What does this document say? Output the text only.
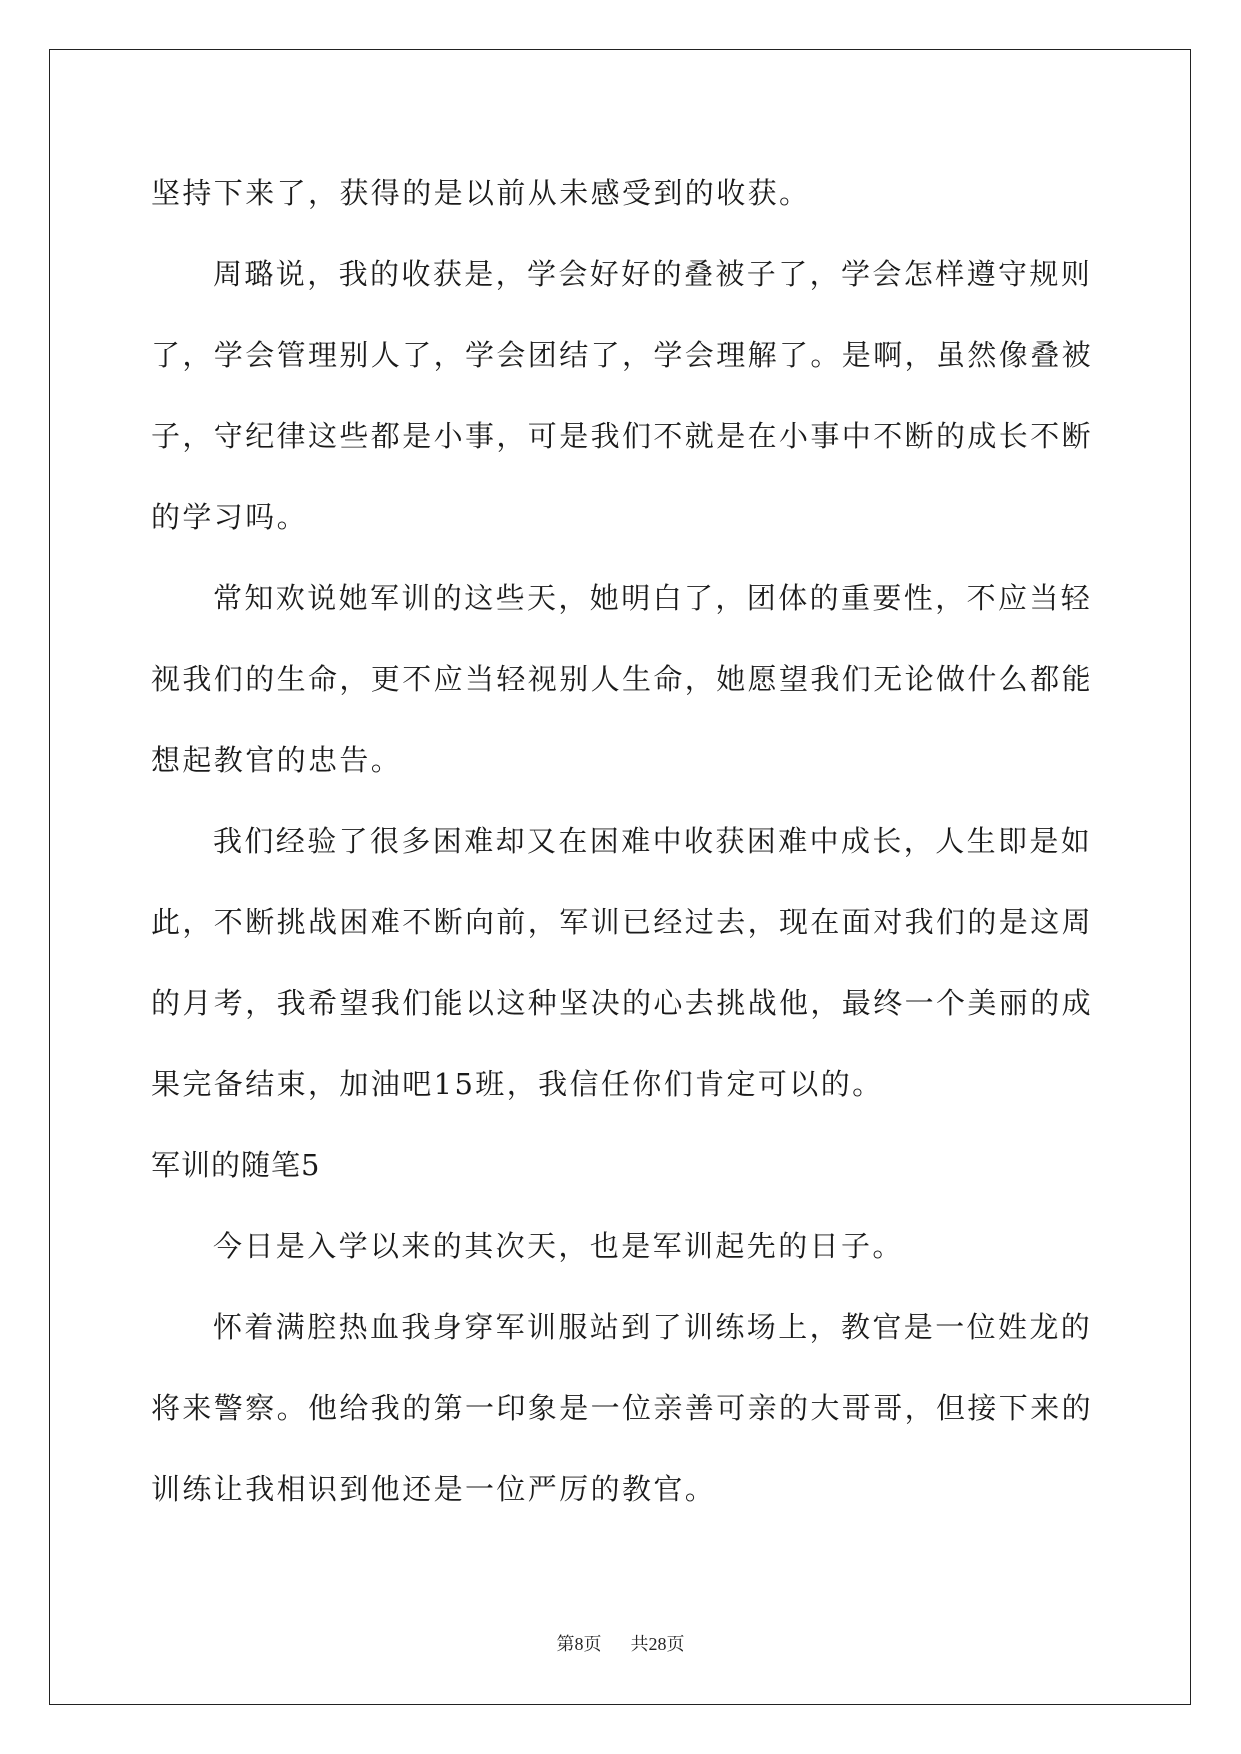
坚持下来了，获得的是以前从未感受到的收获。
周璐说，我的收获是，学会好好的叠被子了，学会怎样遵守规则
了，学会管理别人了，学会团结了，学会理解了。是啊，虽然像叠被
子，守纪律这些都是小事，可是我们不就是在小事中不断的成长不断
的学习吗。
常知欢说她军训的这些天，她明白了，团体的重要性，不应当轻
视我们的生命，更不应当轻视别人生命，她愿望我们无论做什么都能
想起教官的忠告。
我们经验了很多困难却又在困难中收获困难中成长，人生即是如
此，不断挑战困难不断向前，军训已经过去，现在面对我们的是这周
的月考，我希望我们能以这种坚决的心去挑战他，最终一个美丽的成
果完备结束，加油吧15班，我信任你们肯定可以的。
军训的随笔5
今日是入学以来的其次天，也是军训起先的日子。
怀着满腔热血我身穿军训服站到了训练场上，教官是一位姓龙的
将来警察。他给我的第一印象是一位亲善可亲的大哥哥，但接下来的
训练让我相识到他还是一位严厉的教官。
第8页 共28页
